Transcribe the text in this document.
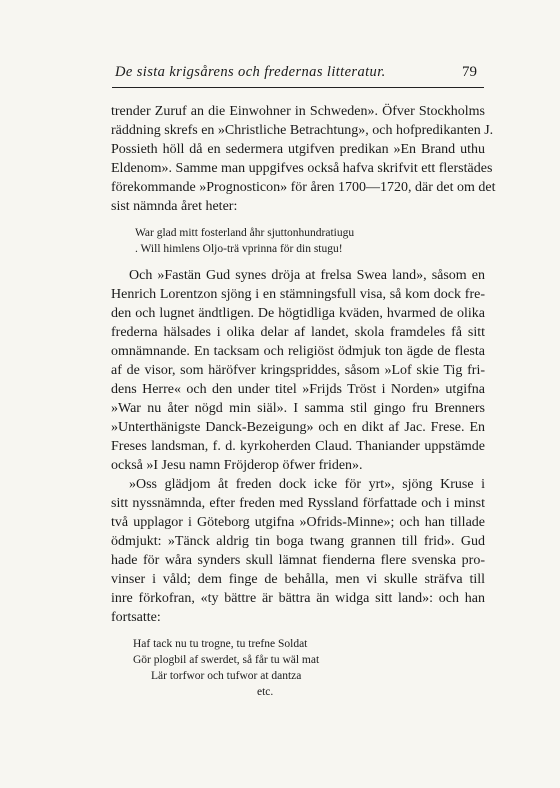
De sista krigsårens och fredernas litteratur.	79
trender Zuruf an die Einwohner in Schweden». Öfver Stockholms
räddning skrefs en »Christliche Betrachtung», och hofpredikanten J.
Possieth höll då en sedermera utgifven predikan »En Brand uthu
Eldenom». Samme man uppgifves också hafva skrifvit ett flerstädes
förekommande »Prognosticon» för åren 1700—1720, där det om det
sist nämnda året heter:
War glad mitt fosterland åhr sjuttonhundratiugu
. Will himlens Oljo-trä vprinna för din stugu!
Och »Fastän Gud synes dröja at frelsa Swea land», såsom en
Henrich Lorentzon sjöng i en stämningsfull visa, så kom dock fre-
den och lugnet ändtligen. De högtidliga kväden, hvarmed de olika
frederna hälsades i olika delar af landet, skola framdeles få sitt
omnämnande. En tacksam och religiöst ödmjuk ton ägde de flesta
af de visor, som häröfver kringspriddes, såsom »Lof skie Tig fri-
dens Herre« och den under titel »Frijds Tröst i Norden» utgifna
»War nu åter nögd min siäl». I samma stil gingo fru Brenners
»Unterthänigste Danck-Bezeigung» och en dikt af Jac. Frese. En
Freses landsman, f. d. kyrkoherden Claud. Thaniander uppstämde
också »I Jesu namn Fröjderop öfwer friden».
»Oss glädjom åt freden dock icke för yrt», sjöng Kruse i
sitt nyssnämnda, efter freden med Ryssland författade och i minst
två upplagor i Göteborg utgifna »Ofrids-Minne»; och han tillade
ödmjukt: »Tänck aldrig tin boga twang grannen till frid». Gud
hade för wåra synders skull lämnat fienderna flere svenska pro-
vinser i våld; dem finge de behålla, men vi skulle sträfva till
inre förkofran, «ty bättre är bättra än widga sitt land»: och han
fortsatte:
Haf tack nu tu trogne, tu trefne Soldat
Gör plogbil af swerdet, så får tu wäl mat
Lär torfwor och tufwor at dantza
etc.
